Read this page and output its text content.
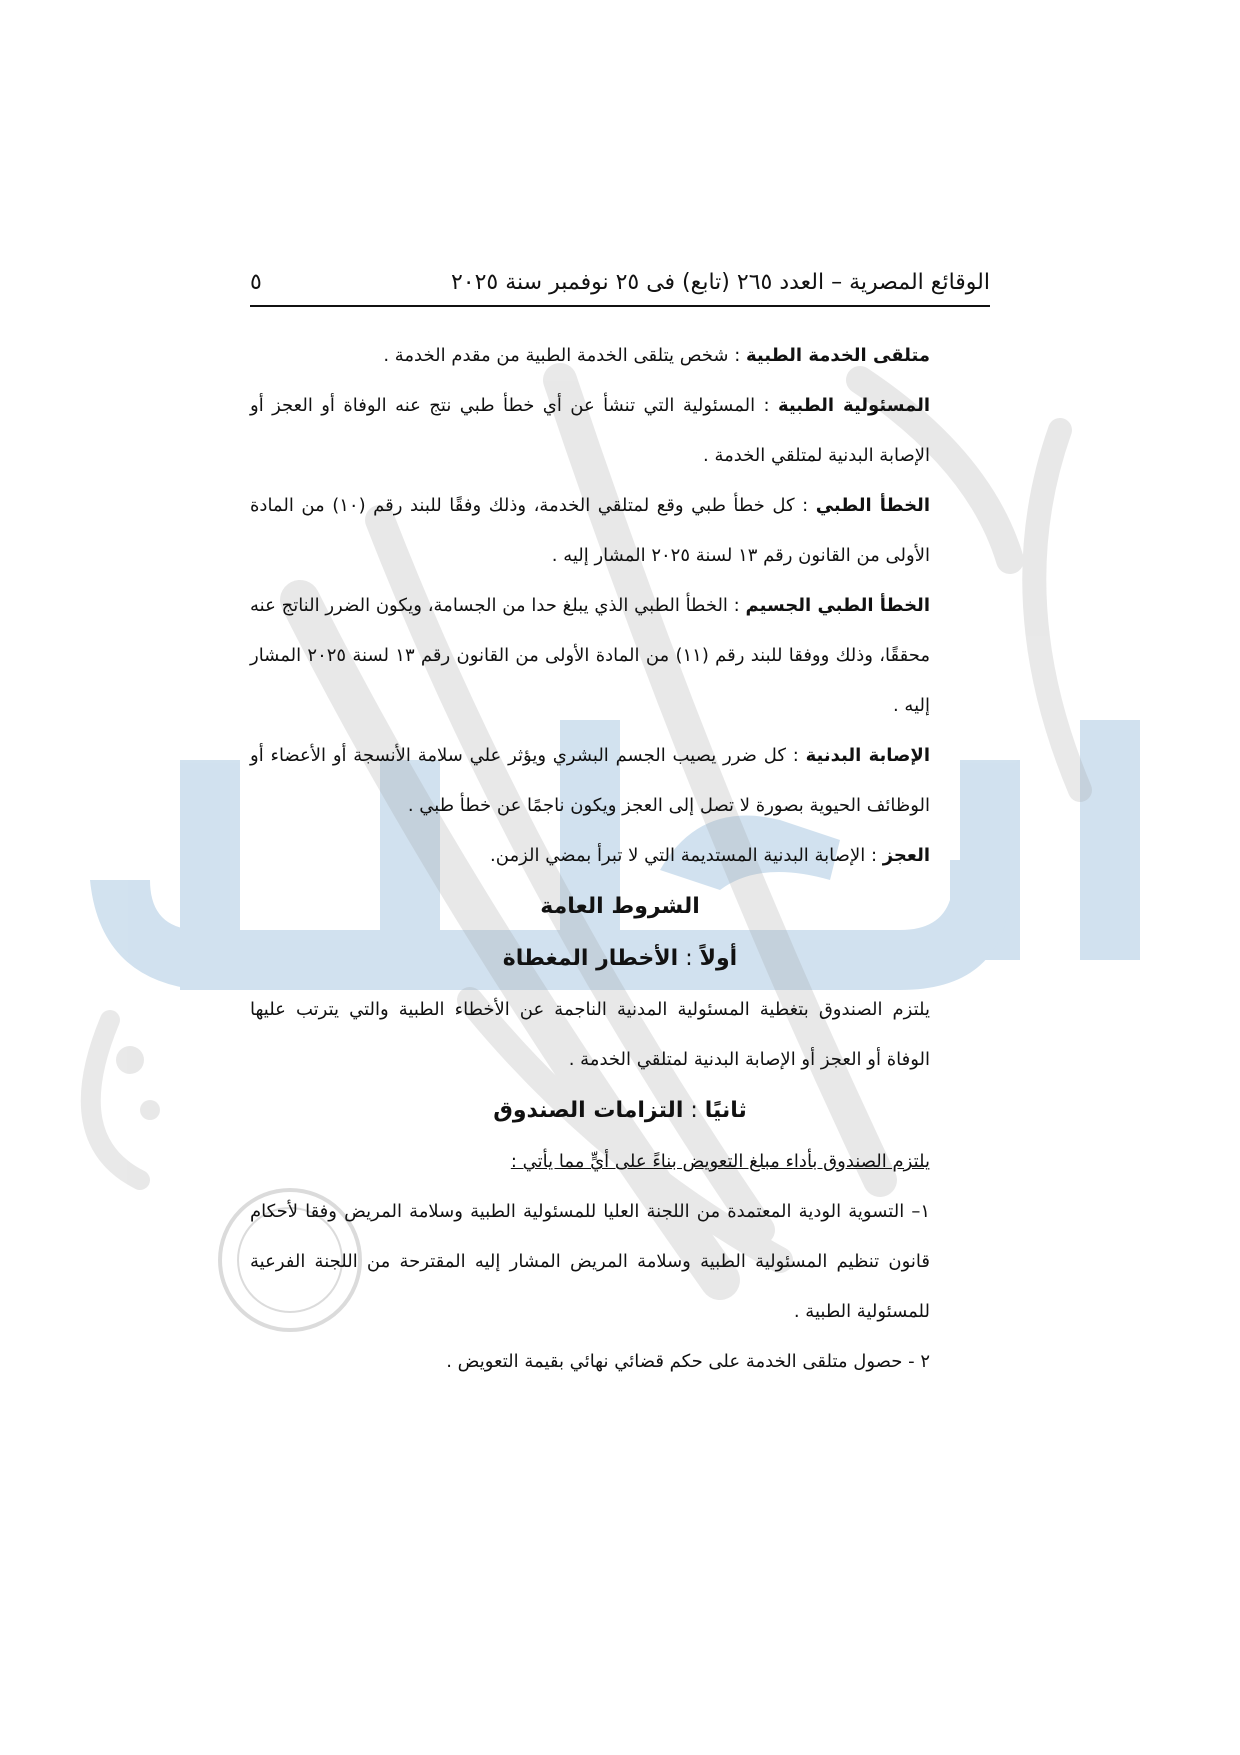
الوقائع المصرية – العدد ٢٦٥ (تابع) فى ٢٥ نوفمبر سنة ٢٠٢٥
٥

متلقى الخدمة الطبية : شخص يتلقى الخدمة الطبية من مقدم الخدمة .

المسئولية الطبية : المسئولية التي تنشأ عن أي خطأ طبي نتج عنه الوفاة أو العجز أو الإصابة البدنية لمتلقي الخدمة .

الخطأ الطبي : كل خطأ طبي وقع لمتلقي الخدمة، وذلك وفقًا للبند رقم (١٠) من المادة الأولى من القانون رقم ١٣ لسنة ٢٠٢٥ المشار إليه .

الخطأ الطبي الجسيم : الخطأ الطبي الذي يبلغ حدا من الجسامة، ويكون الضرر الناتج عنه محققًا، وذلك ووفقا للبند رقم (١١) من المادة الأولى من القانون رقم ١٣ لسنة ٢٠٢٥ المشار إليه .

الإصابة البدنية : كل ضرر يصيب الجسم البشري ويؤثر علي سلامة الأنسجة أو الأعضاء أو الوظائف الحيوية بصورة لا تصل إلى العجز ويكون ناجمًا عن خطأ طبي .

العجز : الإصابة البدنية المستديمة التي لا تبرأ بمضي الزمن.

الشروط العامة

أولاً : الأخطار المغطاة

يلتزم الصندوق بتغطية المسئولية المدنية الناجمة عن الأخطاء الطبية والتي يترتب عليها الوفاة أو العجز أو الإصابة البدنية لمتلقي الخدمة .

ثانيًا : التزامات الصندوق

يلتزم الصندوق بأداء مبلغ التعويض بناءً على أيٍّ مما يأتي :

١– التسوية الودية المعتمدة من اللجنة العليا للمسئولية الطبية وسلامة المريض وفقا لأحكام قانون تنظيم المسئولية الطبية وسلامة المريض المشار إليه المقترحة من اللجنة الفرعية للمسئولية الطبية .

٢ - حصول متلقى الخدمة على حكم قضائي نهائي بقيمة التعويض .
